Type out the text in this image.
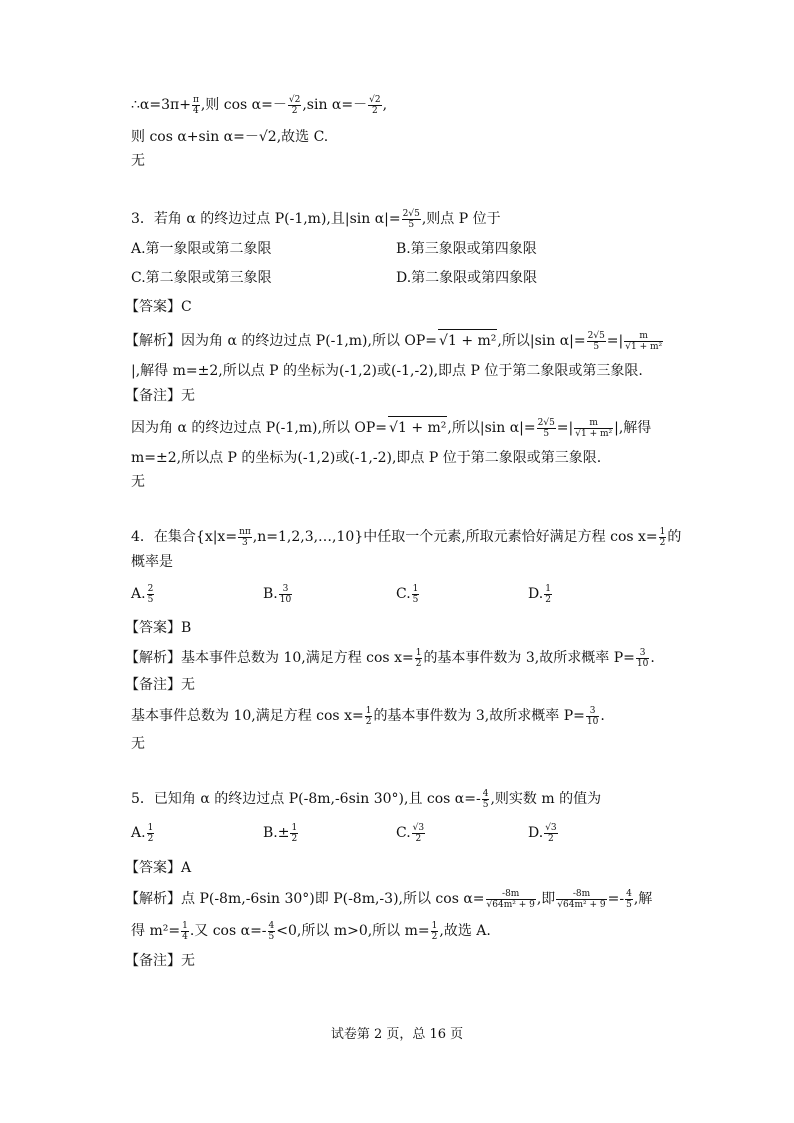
∴α=3π+ $\frac{\pi}{4}$ ,则 $\cos \alpha=- \frac{√2}{2} ,\sin$ $\alpha=- \frac{√2}{2}$ ,
则 cos α+sin α=－√2,故选 C.
无
3．若角 α 的终边过点 P(-1,m),且|sin $\alpha|= \frac{2√5}{5}$ ,则点 P 位于
A.第一象限或第二象限	B.第三象限或第四象限
C.第二象限或第三象限	D.第二象限或第四象限
【答案】C
【解析】因为角 α 的终边过点 P(-1,m),所以 OP= √1 + m²,所以|sin $\alpha|= \frac{2√5}{5}$ =| $\frac{m}{\text{√1 + m²}}$
|,解得 m=±2,所以点 P 的坐标为(-1,2)或(-1,-2),即点 P 位于第二象限或第三象限.
【备注】无
因为角 α 的终边过点 P(-1,m),所以 OP= √1 + m²,所以|sin $\alpha|= \frac{2√5}{5}$ =| $\frac{m}{\text{√1 + m²}}$ |,解得
m=±2,所以点 P 的坐标为(-1,2)或(-1,-2),即点 P 位于第二象限或第三象限.
无
4．在集合{$x|x= \frac{n\pi}{3}$ ,n=1,2,3,…,10}中任取一个元素,所取元素恰好满足方程 $\cos x= \frac{1}{2}$ 的
概率是
A. $\frac{2}{5}$	B. $\frac{3}{10}$	C. $\frac{1}{5}$	D. $\frac{1}{2}$
【答案】B
【解析】基本事件总数为 10,满足方程 $\cos x= \frac{1}{2}$ 的基本事件数为 3,故所求概率 $P= \frac{3}{10}$ .
【备注】无
基本事件总数为 10,满足方程 $\cos x= \frac{1}{2}$ 的基本事件数为 3,故所求概率 $P= \frac{3}{10}$ .
无
5．已知角 α 的终边过点 P(-8m,-6sin 30°),且 $\cos \alpha=- \frac{4}{5}$ ,则实数 m 的值为
A. $\frac{1}{2}$	$B.\pm \frac{1}{2}$	C. $\frac{√3}{2}$	D. $\frac{√3}{2}$
【答案】A
【解析】点 P(-8m,-6sin 30°)即 P(-8m,-3),所以 $\cos \alpha= \frac{-8m}{\text{√64m² + 9}}$ ,即 $\frac{-8m}{\text{√64m² + 9}} =- \frac{4}{5}$ ,解
得 $m^2= \frac{1}{4}$ .又 $\cos \alpha=- \frac{4}{5} <0$,所以 m>0,所以 $m= \frac{1}{2}$ ,故选 A.
【备注】无
试卷第 2 页，总 16 页
